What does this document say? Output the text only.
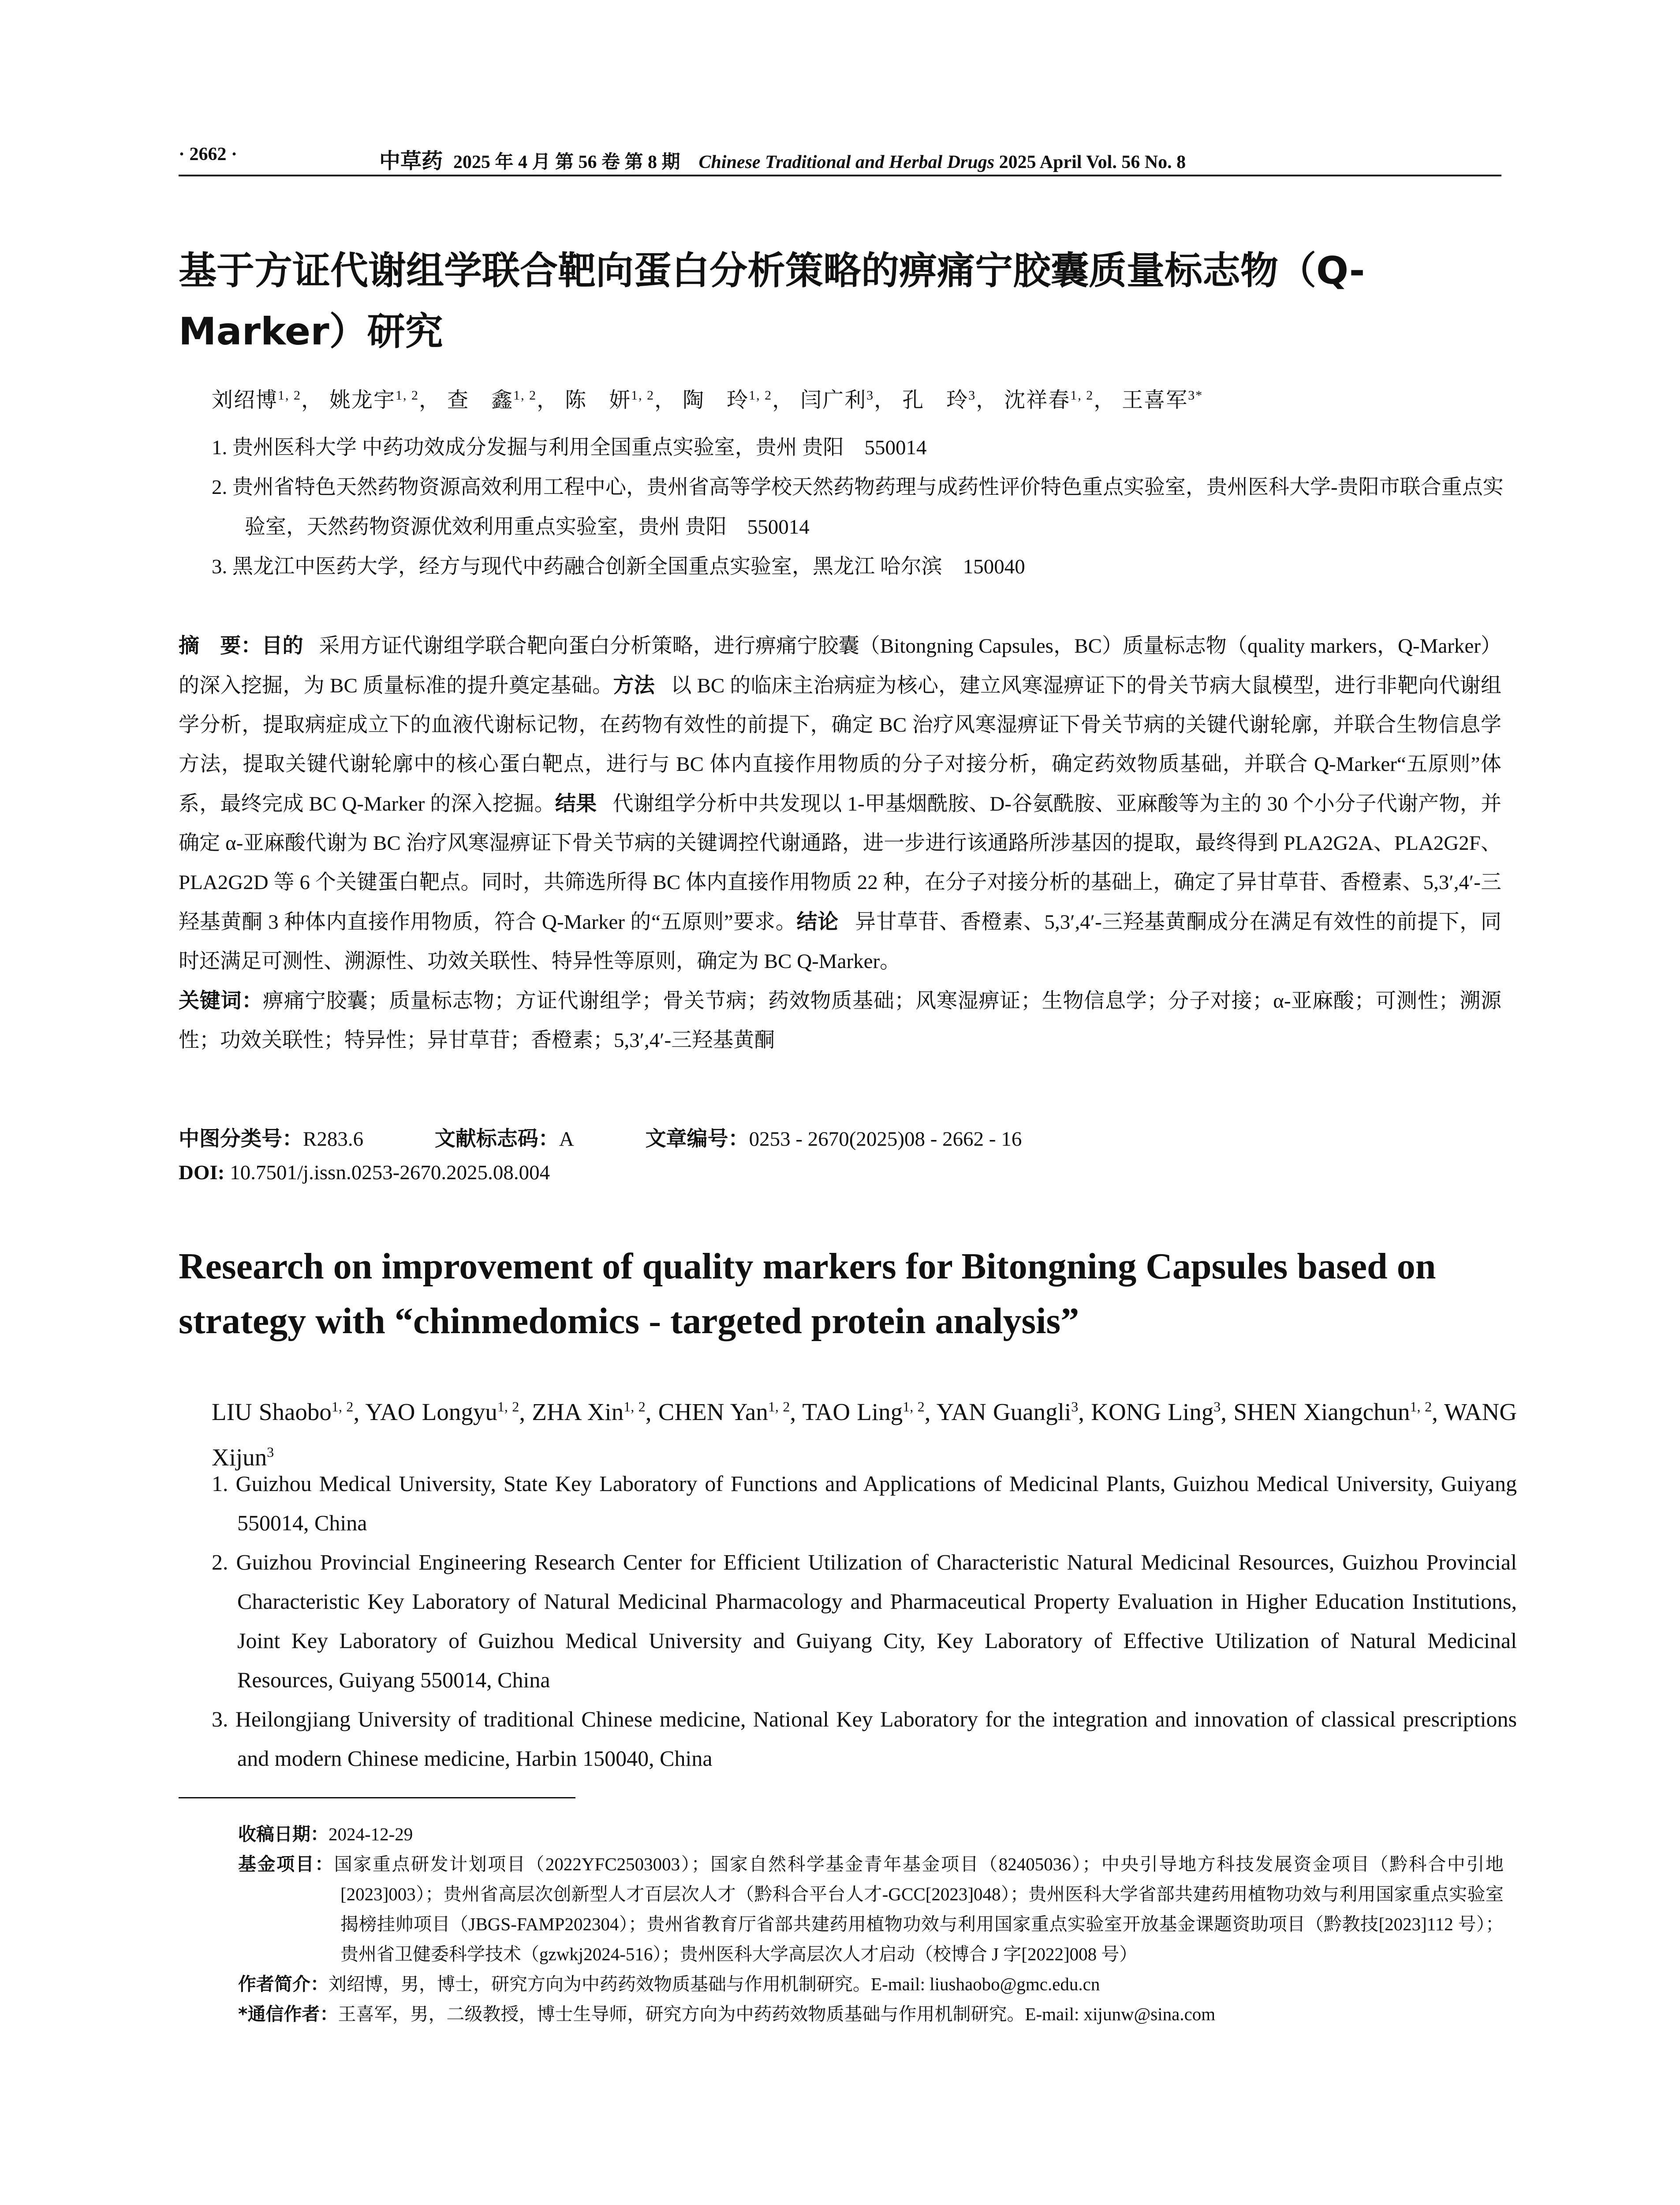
· 2662 ·	中草药 2025 年 4 月 第 56 卷 第 8 期 Chinese Traditional and Herbal Drugs 2025 April Vol. 56 No. 8
基于方证代谢组学联合靶向蛋白分析策略的痹痛宁胶囊质量标志物（Q-Marker）研究
刘绍博$^{1, 2}$， 姚龙宇$^{1, 2}$， 查　鑫$^{1, 2}$， 陈　妍$^{1, 2}$， 陶　玲$^{1, 2}$， 闫广利$^3$， 孔　玲$^3$， 沈祥春$^{1, 2}$， 王喜军$^{3*}$
1. 贵州医科大学 中药功效成分发掘与利用全国重点实验室，贵州 贵阳　550014
2. 贵州省特色天然药物资源高效利用工程中心，贵州省高等学校天然药物药理与成药性评价特色重点实验室，贵州医科大学-贵阳市联合重点实验室，天然药物资源优效利用重点实验室，贵州 贵阳　550014
3. 黑龙江中医药大学，经方与现代中药融合创新全国重点实验室，黑龙江 哈尔滨　150040
摘　要：目的 采用方证代谢组学联合靶向蛋白分析策略，进行痹痛宁胶囊（Bitongning Capsules，BC）质量标志物（quality markers，Q-Marker）的深入挖掘，为 BC 质量标准的提升奠定基础。方法 以 BC 的临床主治病症为核心，建立风寒湿痹证下的骨关节病大鼠模型，进行非靶向代谢组学分析，提取病症成立下的血液代谢标记物，在药物有效性的前提下，确定 BC 治疗风寒湿痹证下骨关节病的关键代谢轮廓，并联合生物信息学方法，提取关键代谢轮廓中的核心蛋白靶点，进行与 BC 体内直接作用物质的分子对接分析，确定药效物质基础，并联合 Q-Marker“五原则”体系，最终完成 BC Q-Marker 的深入挖掘。结果 代谢组学分析中共发现以 1-甲基烟酰胺、D-谷氨酰胺、亚麻酸等为主的 30 个小分子代谢产物，并确定 α-亚麻酸代谢为 BC 治疗风寒湿痹证下骨关节病的关键调控代谢通路，进一步进行该通路所涉基因的提取，最终得到 PLA2G2A、PLA2G2F、PLA2G2D 等 6 个关键蛋白靶点。同时，共筛选所得 BC 体内直接作用物质 22 种，在分子对接分析的基础上，确定了异甘草苷、香橙素、5,3′,4′-三羟基黄酮 3 种体内直接作用物质，符合 Q-Marker 的“五原则”要求。结论 异甘草苷、香橙素、5,3′,4′-三羟基黄酮成分在满足有效性的前提下，同时还满足可测性、溯源性、功效关联性、特异性等原则，确定为 BC Q-Marker。
关键词：痹痛宁胶囊；质量标志物；方证代谢组学；骨关节病；药效物质基础；风寒湿痹证；生物信息学；分子对接；α-亚麻酸；可测性；溯源性；功效关联性；特异性；异甘草苷；香橙素；5,3′,4′-三羟基黄酮
中图分类号：R283.6	文献标志码：A	文章编号：0253 - 2670(2025)08 - 2662 - 16
DOI: 10.7501/j.issn.0253-2670.2025.08.004
Research on improvement of quality markers for Bitongning Capsules based on strategy with “chinmedomics - targeted protein analysis”
LIU Shaobo$^{1, 2}$, YAO Longyu$^{1, 2}$, ZHA Xin$^{1, 2}$, CHEN Yan$^{1, 2}$, TAO Ling$^{1, 2}$, YAN Guangli$^3$, KONG Ling$^3$, SHEN Xiangchun$^{1, 2}$, WANG Xijun$^3$
1. Guizhou Medical University, State Key Laboratory of Functions and Applications of Medicinal Plants, Guizhou Medical University, Guiyang 550014, China
2. Guizhou Provincial Engineering Research Center for Efficient Utilization of Characteristic Natural Medicinal Resources, Guizhou Provincial Characteristic Key Laboratory of Natural Medicinal Pharmacology and Pharmaceutical Property Evaluation in Higher Education Institutions, Joint Key Laboratory of Guizhou Medical University and Guiyang City, Key Laboratory of Effective Utilization of Natural Medicinal Resources, Guiyang 550014, China
3. Heilongjiang University of traditional Chinese medicine, National Key Laboratory for the integration and innovation of classical prescriptions and modern Chinese medicine, Harbin 150040, China
收稿日期：2024-12-29
基金项目：国家重点研发计划项目（2022YFC2503003）；国家自然科学基金青年基金项目（82405036）；中央引导地方科技发展资金项目（黔科合中引地[2023]003）；贵州省高层次创新型人才百层次人才（黔科合平台人才-GCC[2023]048）；贵州医科大学省部共建药用植物功效与利用国家重点实验室揭榜挂帅项目（JBGS-FAMP202304）；贵州省教育厅省部共建药用植物功效与利用国家重点实验室开放基金课题资助项目（黔教技[2023]112 号）；贵州省卫健委科学技术（gzwkj2024-516）；贵州医科大学高层次人才启动（校博合 J 字[2022]008 号）
作者简介：刘绍博，男，博士，研究方向为中药药效物质基础与作用机制研究。E-mail: liushaobo@gmc.edu.cn
*通信作者：王喜军，男，二级教授，博士生导师，研究方向为中药药效物质基础与作用机制研究。E-mail: xijunw@sina.com
